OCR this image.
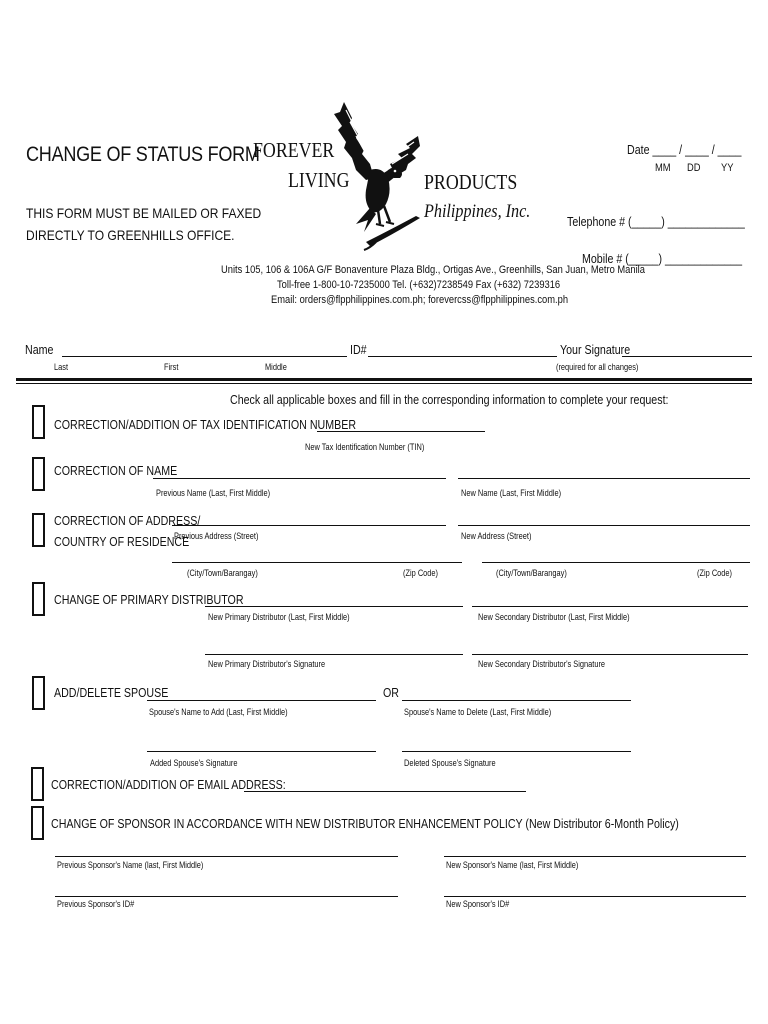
CHANGE OF STATUS FORM
THIS FORM MUST BE MAILED OR FAXED
DIRECTLY TO GREENHILLS OFFICE.
FOREVER
LIVING	PRODUCTS
Philippines, Inc.
Units 105, 106 & 106A G/F Bonaventure Plaza Bldg., Ortigas Ave., Greenhills, San Juan, Metro Manila
Toll-free 1-800-10-7235000 Tel. (+632)7238549 Fax (+632) 7239316
Email: orders@flpphilippines.com.ph; forevercss@flpphilippines.com.ph
Date ____ / ____ / ____
MM DD YY
Telephone # (_____) _____________
Mobile # (_____) _____________
Name
Last	First	Middle
ID#	Your Signature
(required for all changes)
Check all applicable boxes and fill in the corresponding information to complete your request:
CORRECTION/ADDITION OF TAX IDENTIFICATION NUMBER
New Tax Identification Number (TIN)
CORRECTION OF NAME
Previous Name (Last, First Middle)	New Name (Last, First Middle)
CORRECTION OF ADDRESS/
COUNTRY OF RESIDENCE
Previous Address (Street)	New Address (Street)
(City/Town/Barangay)	(Zip Code)	(City/Town/Barangay)	(Zip Code)
CHANGE OF PRIMARY DISTRIBUTOR
New Primary Distributor (Last, First Middle)	New Secondary Distributor (Last, First Middle)
New Primary Distributor's Signature	New Secondary Distributor's Signature
ADD/DELETE SPOUSE	OR
Spouse's Name to Add (Last, First Middle)	Spouse's Name to Delete (Last, First Middle)
Added Spouse's Signature	Deleted Spouse's Signature
CORRECTION/ADDITION OF EMAIL ADDRESS:
CHANGE OF SPONSOR IN ACCORDANCE WITH NEW DISTRIBUTOR ENHANCEMENT POLICY (New Distributor 6-Month Policy)
Previous Sponsor's Name (last, First Middle)	New Sponsor's Name (last, First Middle)
Previous Sponsor's ID#	New Sponsor's ID#
